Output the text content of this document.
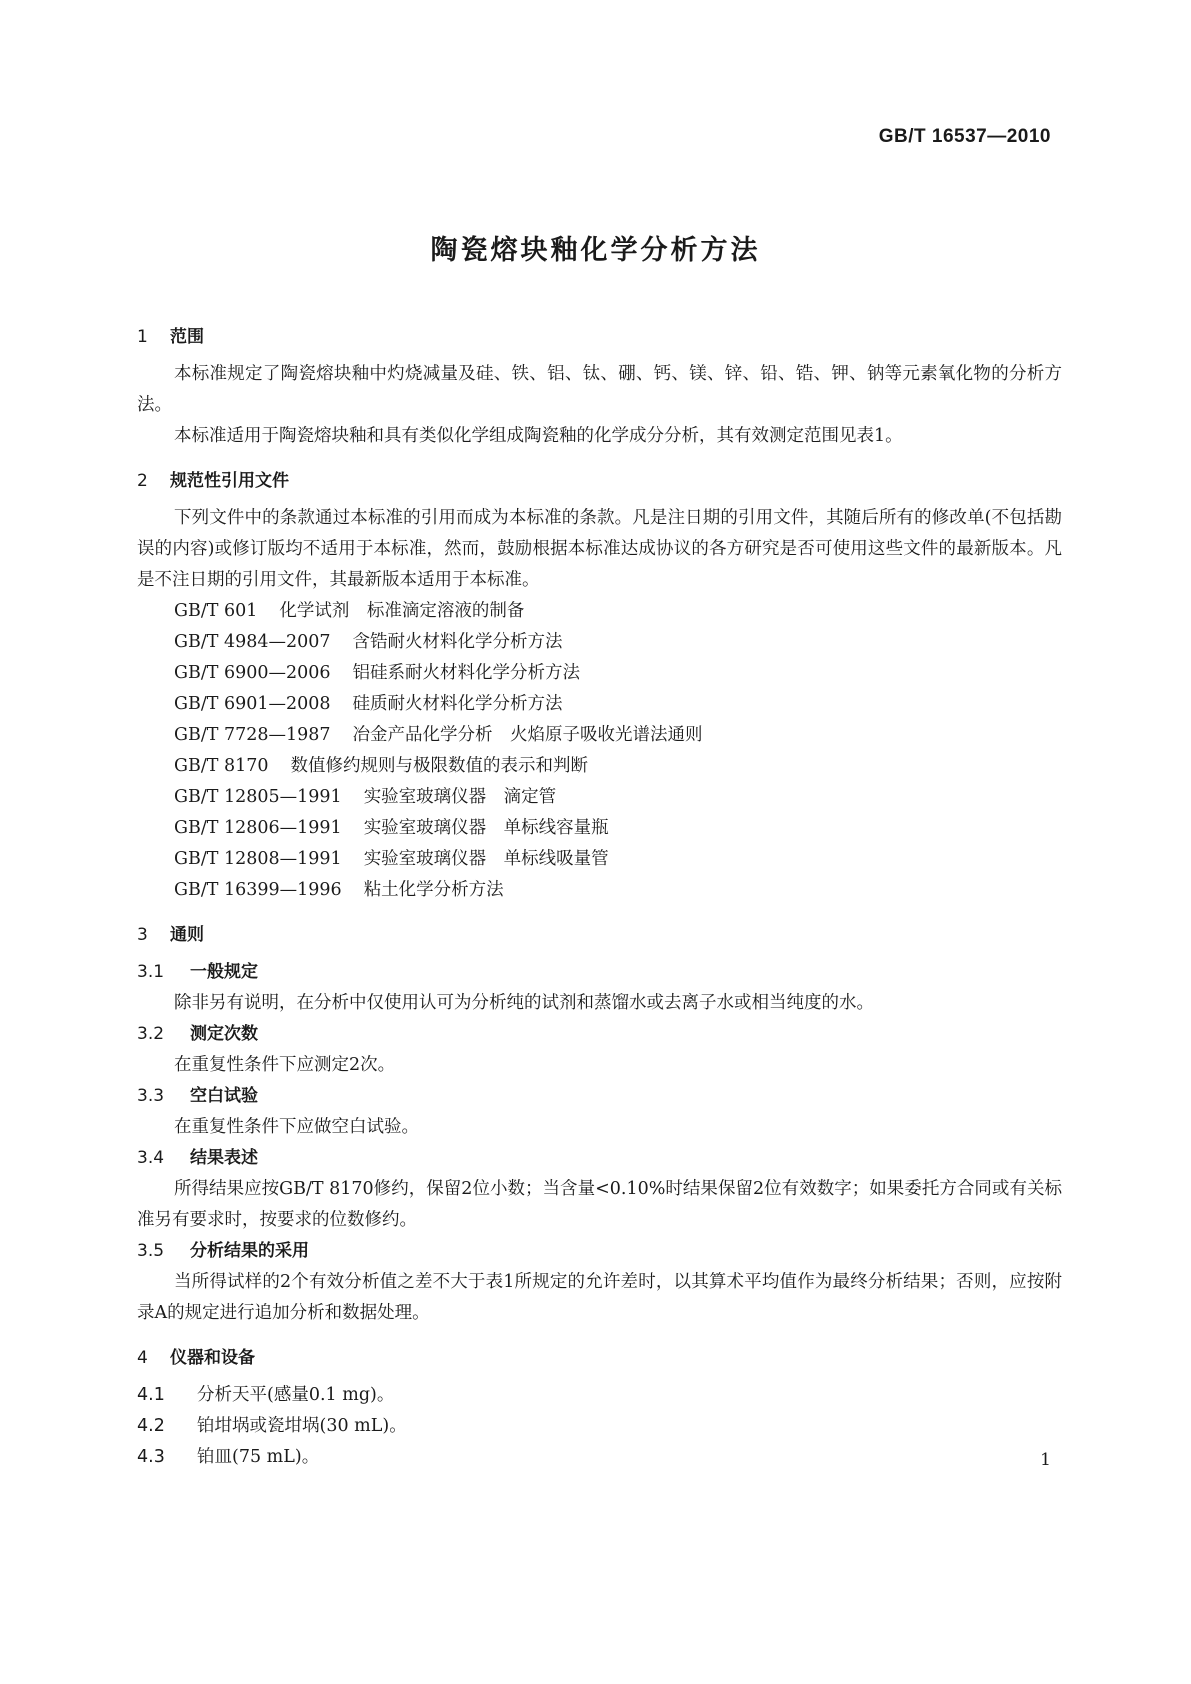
GB/T 16537—2010
陶瓷熔块釉化学分析方法
1 范围

本标准规定了陶瓷熔块釉中灼烧减量及硅、铁、铝、钛、硼、钙、镁、锌、铅、锆、钾、钠等元素氧化物的分析方法。

本标准适用于陶瓷熔块釉和具有类似化学组成陶瓷釉的化学成分分析，其有效测定范围见表1。

2 规范性引用文件

下列文件中的条款通过本标准的引用而成为本标准的条款。凡是注日期的引用文件，其随后所有的修改单(不包括勘误的内容)或修订版均不适用于本标准，然而，鼓励根据本标准达成协议的各方研究是否可使用这些文件的最新版本。凡是不注日期的引用文件，其最新版本适用于本标准。

GB/T 601 化学试剂　标准滴定溶液的制备
GB/T 4984—2007 含锆耐火材料化学分析方法
GB/T 6900—2006 铝硅系耐火材料化学分析方法
GB/T 6901—2008 硅质耐火材料化学分析方法
GB/T 7728—1987 冶金产品化学分析　火焰原子吸收光谱法通则
GB/T 8170 数值修约规则与极限数值的表示和判断
GB/T 12805—1991 实验室玻璃仪器　滴定管
GB/T 12806—1991 实验室玻璃仪器　单标线容量瓶
GB/T 12808—1991 实验室玻璃仪器　单标线吸量管
GB/T 16399—1996 粘土化学分析方法
3 通则
3.1 一般规定

除非另有说明，在分析中仅使用认可为分析纯的试剂和蒸馏水或去离子水或相当纯度的水。

3.2 测定次数

在重复性条件下应测定2次。

3.3 空白试验

在重复性条件下应做空白试验。

3.4 结果表述

所得结果应按GB/T 8170修约，保留2位小数；当含量<0.10%时结果保留2位有效数字；如果委托方合同或有关标准另有要求时，按要求的位数修约。

3.5 分析结果的采用

当所得试样的2个有效分析值之差不大于表1所规定的允许差时，以其算术平均值作为最终分析结果；否则，应按附录A的规定进行追加分析和数据处理。

4 仪器和设备
4.1 分析天平(感量0.1 mg)。
4.2 铂坩埚或瓷坩埚(30 mL)。
4.3 铂皿(75 mL)。	1
